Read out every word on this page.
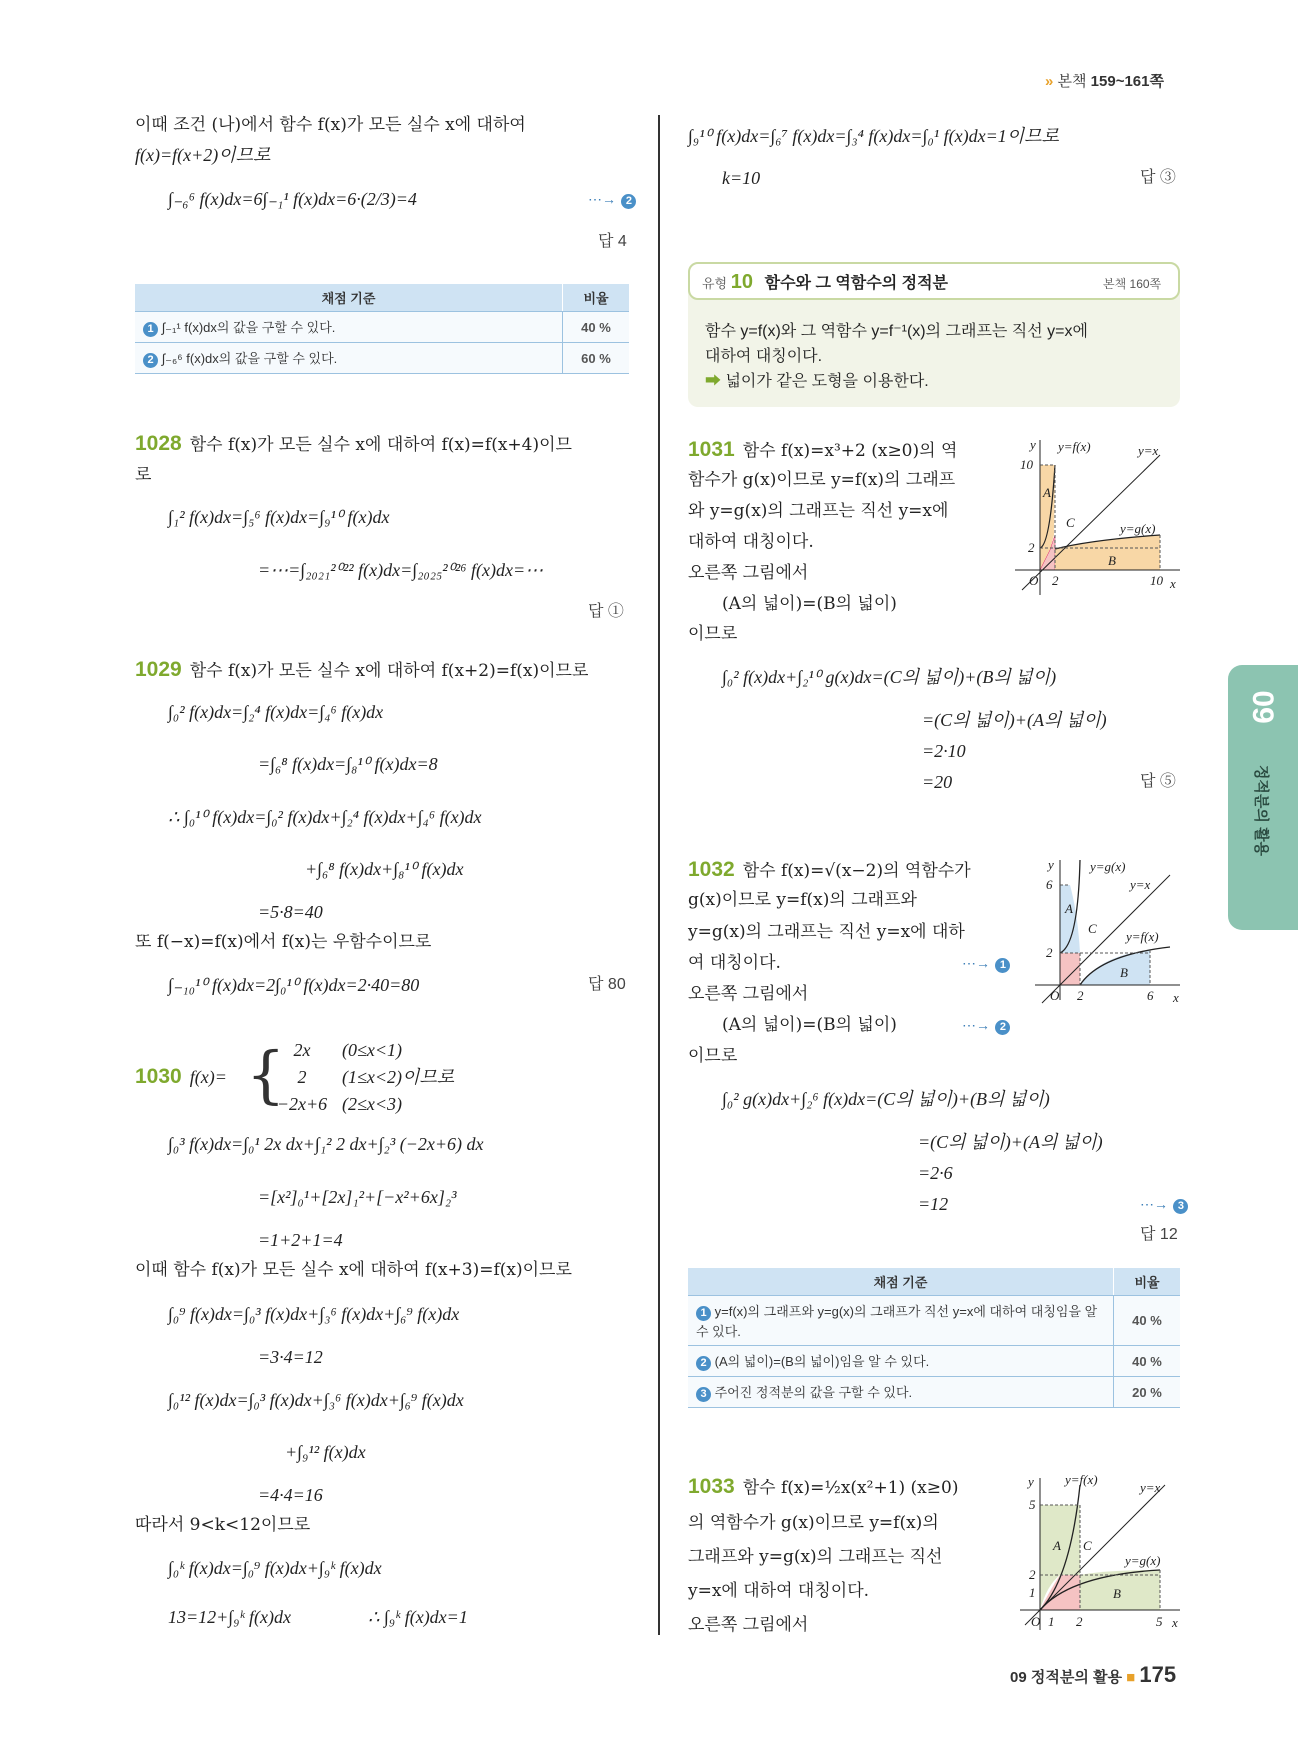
» 본책 159~161쪽
이때 조건 (나)에서 함수 f(x)가 모든 실수 x에 대하여
f(x)=f(x+2)이므로
∫₋₆⁶ f(x)dx=6∫₋₁¹ f(x)dx=6·(2/3)=4	⋯→ 2
답 4
채점 기준	비율
1 ∫₋₁¹ f(x)dx의 값을 구할 수 있다.	40 %
2 ∫₋₆⁶ f(x)dx의 값을 구할 수 있다.	60 %
1028 함수 f(x)가 모든 실수 x에 대하여 f(x)=f(x+4)이므
로
∫₁² f(x)dx=∫₅⁶ f(x)dx=∫₉¹⁰ f(x)dx
=⋯=∫₂₀₂₁²⁰²² f(x)dx=∫₂₀₂₅²⁰²⁶ f(x)dx=⋯
답 ①
1029 함수 f(x)가 모든 실수 x에 대하여 f(x+2)=f(x)이므로
∫₀² f(x)dx=∫₂⁴ f(x)dx=∫₄⁶ f(x)dx
=∫₆⁸ f(x)dx=∫₈¹⁰ f(x)dx=8
∴ ∫₀¹⁰ f(x)dx=∫₀² f(x)dx+∫₂⁴ f(x)dx+∫₄⁶ f(x)dx
+∫₆⁸ f(x)dx+∫₈¹⁰ f(x)dx
=5·8=40
또 f(−x)=f(x)에서 f(x)는 우함수이므로
∫₋₁₀¹⁰ f(x)dx=2∫₀¹⁰ f(x)dx=2·40=80	답 80
1030 f(x)= { 2x (0≤x<1)
2 (1≤x<2)이므로
−2x+6 (2≤x<3)
∫₀³ f(x)dx=∫₀¹ 2x dx+∫₁² 2 dx+∫₂³ (−2x+6) dx
=[x²]₀¹+[2x]₁²+[−x²+6x]₂³
=1+2+1=4
이때 함수 f(x)가 모든 실수 x에 대하여 f(x+3)=f(x)이므로
∫₀⁹ f(x)dx=∫₀³ f(x)dx+∫₃⁶ f(x)dx+∫₆⁹ f(x)dx
=3·4=12
∫₀¹² f(x)dx=∫₀³ f(x)dx+∫₃⁶ f(x)dx+∫₆⁹ f(x)dx
+∫₉¹² f(x)dx
=4·4=16
따라서 9<k<12이므로
∫₀ᵏ f(x)dx=∫₀⁹ f(x)dx+∫₉ᵏ f(x)dx
13=12+∫₉ᵏ f(x)dx	∴ ∫₉ᵏ f(x)dx=1
∫₉¹⁰ f(x)dx=∫₆⁷ f(x)dx=∫₃⁴ f(x)dx=∫₀¹ f(x)dx=1이므로
k=10	답 ③
유형 10 함수와 그 역함수의 정적분	본책 160쪽
함수 y=f(x)와 그 역함수 y=f⁻¹(x)의 그래프는 직선 y=x에
대하여 대칭이다.
➡ 넓이가 같은 도형을 이용한다.
1031 함수 f(x)=x³+2 (x≥0)의 역
함수가 g(x)이므로 y=f(x)의 그래프
와 y=g(x)의 그래프는 직선 y=x에
대하여 대칭이다.
오른쪽 그림에서
(A의 넓이)=(B의 넓이)
이므로
∫₀² f(x)dx+∫₂¹⁰ g(x)dx=(C의 넓이)+(B의 넓이)
=(C의 넓이)+(A의 넓이)
=2·10
=20	답 ⑤
y
x
y=f(x)	y=x
y=g(x)
A
B
C
10
2
O 2	10
1032 함수 f(x)=√(x−2)의 역함수가
g(x)이므로 y=f(x)의 그래프와
y=g(x)의 그래프는 직선 y=x에 대하
여 대칭이다.	⋯→ 1
오른쪽 그림에서
(A의 넓이)=(B의 넓이)	⋯→ 2
이므로
∫₀² g(x)dx+∫₂⁶ f(x)dx=(C의 넓이)+(B의 넓이)
=(C의 넓이)+(A의 넓이)
=2·6
=12	⋯→ 3
답 12
y
x
y=g(x)
y=x
y=f(x)
A
B
C
6
2
O 2	6
채점 기준	비율
1 y=f(x)의 그래프와 y=g(x)의 그래프가 직선 y=x에 대하여 대칭임을 알 수 있다.	40 %
2 (A의 넓이)=(B의 넓이)임을 알 수 있다.	40 %
3 주어진 정적분의 값을 구할 수 있다.	20 %
1033 함수 f(x)=½x(x²+1) (x≥0)
의 역함수가 g(x)이므로 y=f(x)의
그래프와 y=g(x)의 그래프는 직선
y=x에 대하여 대칭이다.
오른쪽 그림에서
y
x
y=f(x)
y=x
y=g(x)
A
B
C
5
2
1
O 1 2	5
09
정적분의 활용
09 정적분의 활용 ■ 175
